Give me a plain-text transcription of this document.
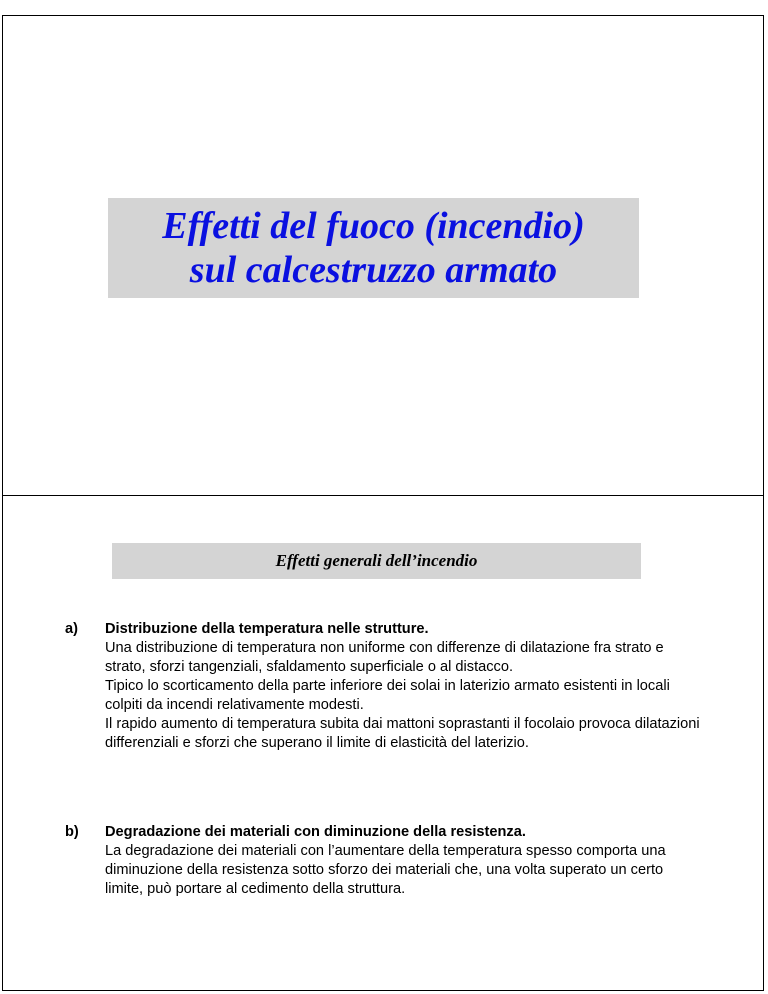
Effetti del fuoco (incendio)
sul calcestruzzo armato
Effetti generali dell’incendio
a) Distribuzione della temperatura nelle strutture.
Una distribuzione di temperatura non uniforme con differenze di dilatazione fra strato e strato, sforzi tangenziali, sfaldamento superficiale o al distacco.
Tipico lo scorticamento della parte inferiore dei solai in laterizio armato esistenti in locali colpiti da incendi relativamente modesti.
Il rapido aumento di temperatura subita dai mattoni soprastanti il focolaio provoca dilatazioni differenziali e sforzi che superano il limite di elasticità del laterizio.
b) Degradazione dei materiali con diminuzione della resistenza.
La degradazione dei materiali con l’aumentare della temperatura spesso comporta una diminuzione della resistenza sotto sforzo dei materiali che, una volta superato un certo limite, può portare al cedimento della struttura.
